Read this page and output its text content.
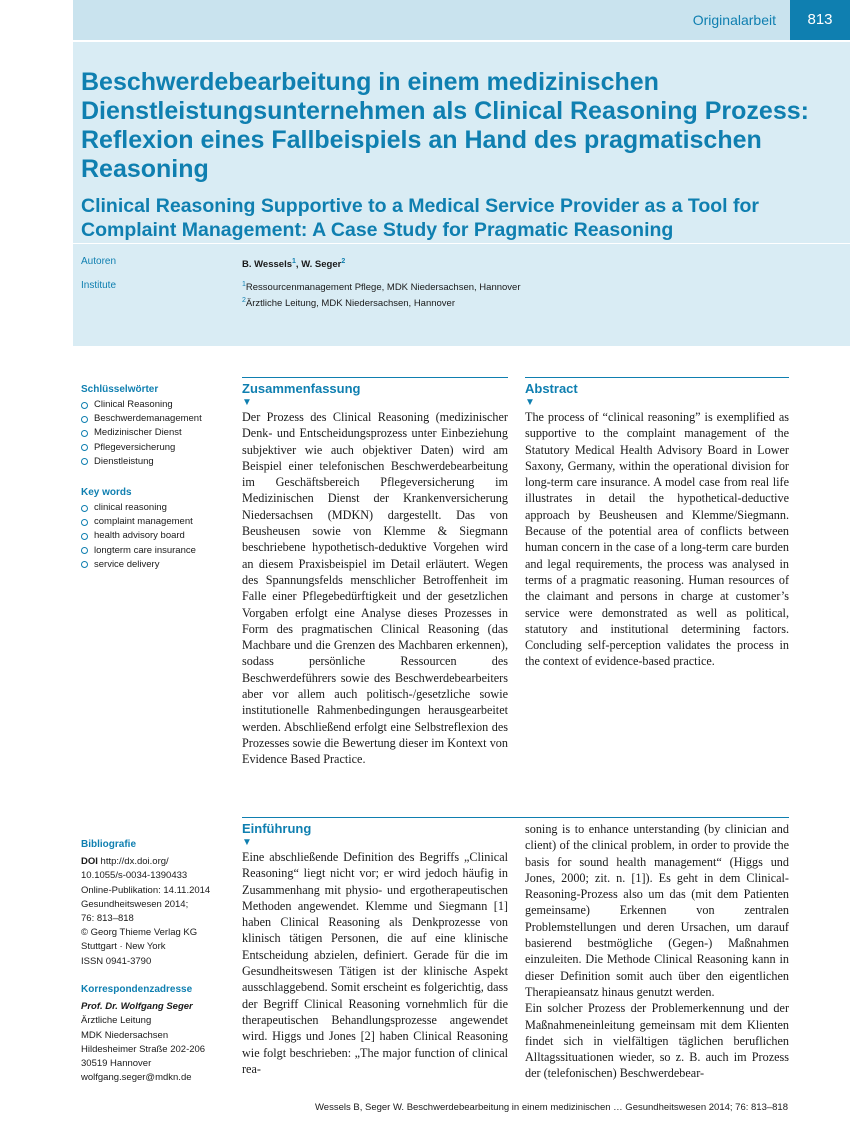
Originalarbeit	813
Beschwerdebearbeitung in einem medizinischen Dienstleistungsunternehmen als Clinical Reasoning Prozess: Reflexion eines Fallbeispiels an Hand des pragmatischen Reasoning
Clinical Reasoning Supportive to a Medical Service Provider as a Tool for Complaint Management: A Case Study for Pragmatic Reasoning
Autoren	B. Wessels$^1$, W. Seger$^2$
Institute	$^1$Ressourcenmanagement Pflege, MDK Niedersachsen, Hannover
$^2$Ärztliche Leitung, MDK Niedersachsen, Hannover
Schlüsselwörter
Clinical Reasoning
Beschwerdemanagement
Medizinischer Dienst
Pflegeversicherung
Dienstleistung
Key words
clinical reasoning
complaint management
health advisory board
longterm care insurance
service delivery
Zusammenfassung
▼

Der Prozess des Clinical Reasoning (medizinischer Denk- und Entscheidungsprozess unter Einbeziehung subjektiver wie auch objektiver Daten) wird am Beispiel einer telefonischen Beschwerdebearbeitung im Geschäftsbereich Pflegeversicherung im Medizinischen Dienst der Krankenversicherung Niedersachsen (MDKN) dargestellt. Das von Beusheusen sowie von Klemme & Siegmann beschriebene hypothetisch-deduktive Vorgehen wird an diesem Praxisbeispiel im Detail erläutert. Wegen des Spannungsfelds menschlicher Betroffenheit im Falle einer Pflegebedürftigkeit und der gesetzlichen Vorgaben erfolgt eine Analyse dieses Prozesses in Form des pragmatischen Clinical Reasoning (das Machbare und die Grenzen des Machbaren erkennen), sodass persönliche Ressourcen des Beschwerdeführers sowie des Beschwerdebearbeiters aber vor allem auch politisch-/gesetzliche sowie institutionelle Rahmenbedingungen herausgearbeitet werden. Abschließend erfolgt eine Selbstreflexion des Prozesses sowie die Bewertung dieser im Kontext von Evidence Based Practice.

Abstract
▼

The process of “clinical reasoning” is exemplified as supportive to the complaint management of the Statutory Medical Health Advisory Board in Lower Saxony, Germany, within the operational division for long-term care insurance. A model case from real life illustrates in detail the hypothetical-deductive approach by Beusheusen and Klemme/Siegmann. Because of the potential area of conflicts between human concern in the case of a long-term care burden and legal requirements, the process was analysed in terms of a pragmatic reasoning. Human resources of the claimant and persons in charge at customer’s service were demonstrated as well as political, statutory and institutional determining factors. Concluding self-perception validates the process in the context of evidence-based practice.

Einführung
▼

Eine abschließende Definition des Begriffs „Clinical Reasoning“ liegt nicht vor; er wird jedoch häufig in Zusammenhang mit physio- und ergotherapeutischen Methoden angewendet. Klemme und Siegmann [1] haben Clinical Reasoning als Denkprozesse von klinisch tätigen Personen, die auf eine klinische Entscheidung abzielen, definiert. Gerade für die im Gesundheitswesen Tätigen ist der klinische Aspekt ausschlaggebend. Somit erscheint es folgerichtig, dass der Begriff Clinical Reasoning vornehmlich für die therapeutischen Behandlungsprozesse angewendet wird. Higgs und Jones [2] haben Clinical Reasoning wie folgt beschrieben: „The major function of clinical rea-

soning is to enhance unterstanding (by clinician and client) of the clinical problem, in order to provide the basis for sound health management“ (Higgs und Jones, 2000; zit. n. [1]). Es geht in dem Clinical-Reasoning-Prozess also um das (mit dem Patienten gemeinsame) Erkennen von zentralen Problemstellungen und deren Ursachen, um darauf basierend bestmögliche (Gegen-) Maßnahmen einzuleiten. Die Methode Clinical Reasoning kann in dieser Definition somit auch über den eigentlichen Therapieansatz hinaus genutzt werden.

Ein solcher Prozess der Problemerkennung und der Maßnahmeneinleitung gemeinsam mit dem Klienten findet sich in vielfältigen täglichen beruflichen Alltagssituationen wieder, so z. B. auch im Prozess der (telefonischen) Beschwerdebear-

Bibliografie
DOI http://dx.doi.org/
10.1055/s-0034-1390433
Online-Publikation: 14.11.2014
Gesundheitswesen 2014;
76: 813–818
© Georg Thieme Verlag KG
Stuttgart · New York
ISSN 0941-3790
Korrespondenzadresse
Prof. Dr. Wolfgang Seger
Ärztliche Leitung
MDK Niedersachsen
Hildesheimer Straße 202-206
30519 Hannover
wolfgang.seger@mdkn.de
Wessels B, Seger W. Beschwerdebearbeitung in einem medizinischen … Gesundheitswesen 2014; 76: 813–818
